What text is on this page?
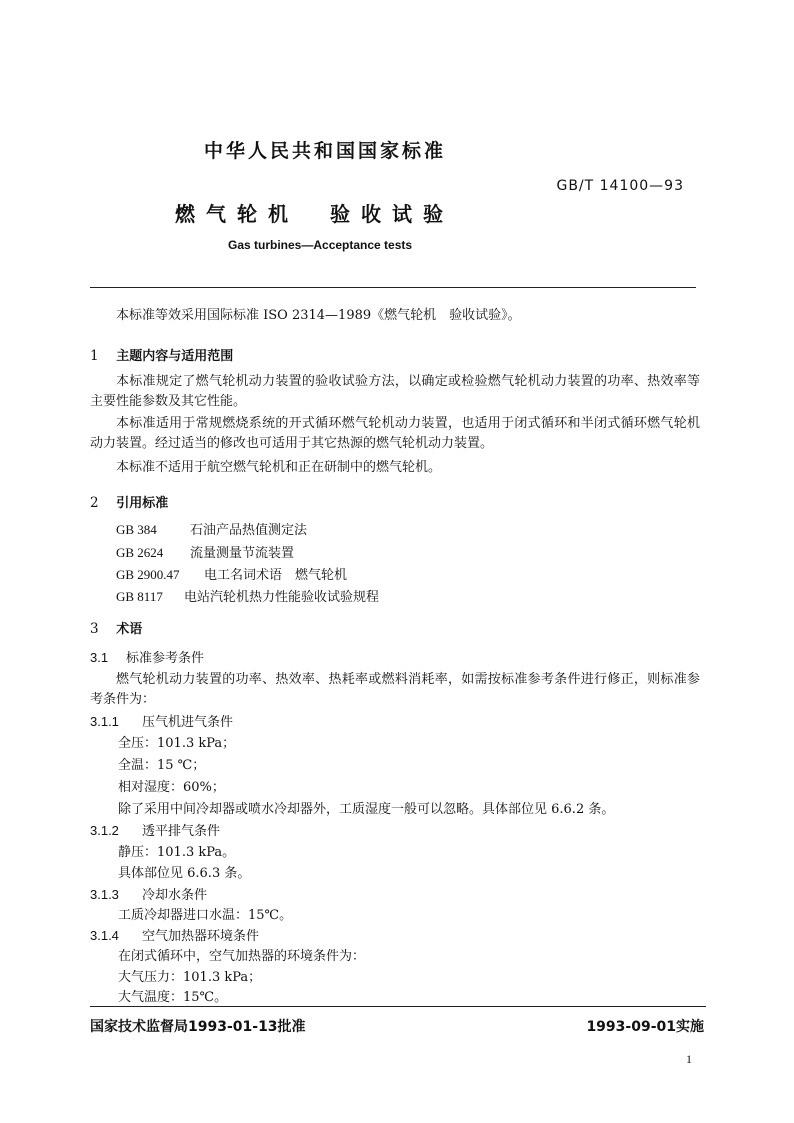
中华人民共和国国家标准
GB/T 14100—93
燃气轮机　验收试验
Gas turbines—Acceptance tests
本标准等效采用国际标准 ISO 2314—1989《燃气轮机　验收试验》。
1 主题内容与适用范围
本标准规定了燃气轮机动力装置的验收试验方法，以确定或检验燃气轮机动力装置的功率、热效率等主要性能参数及其它性能。
本标准适用于常规燃烧系统的开式循环燃气轮机动力装置，也适用于闭式循环和半闭式循环燃气轮机动力装置。经过适当的修改也可适用于其它热源的燃气轮机动力装置。
本标准不适用于航空燃气轮机和正在研制中的燃气轮机。
2 引用标准
GB 384	石油产品热值测定法
GB 2624 流量测量节流装置
GB 2900.47 电工名词术语　燃气轮机
GB 8117 电站汽轮机热力性能验收试验规程
3 术语
3.1 标准参考条件
燃气轮机动力装置的功率、热效率、热耗率或燃料消耗率，如需按标准参考条件进行修正，则标准参考条件为：
3.1.1 压气机进气条件
全压：101.3 kPa；
全温：15 ℃；
相对湿度：60%；
除了采用中间冷却器或喷水冷却器外，工质湿度一般可以忽略。具体部位见 6.6.2 条。
3.1.2 透平排气条件
静压：101.3 kPa。
具体部位见 6.6.3 条。
3.1.3 冷却水条件
工质冷却器进口水温：15℃。
3.1.4 空气加热器环境条件
在闭式循环中，空气加热器的环境条件为：
大气压力：101.3 kPa；
大气温度：15℃。
国家技术监督局1993-01-13批准	1993-09-01实施
1
